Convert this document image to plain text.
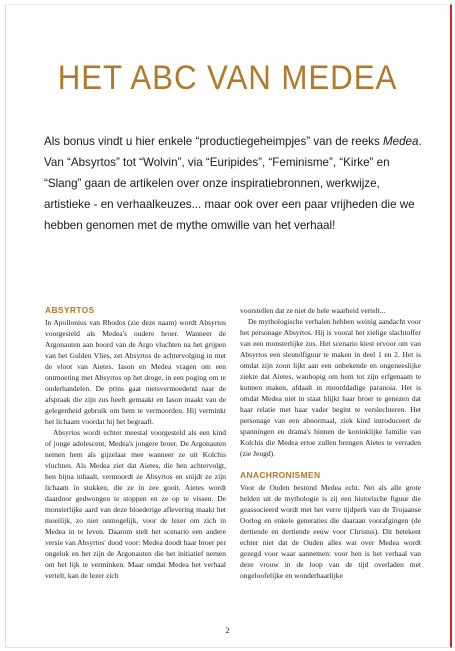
HET ABC VAN MEDEA

Als bonus vindt u hier enkele “productiegeheimpjes” van de reeks Medea.

Van “Absyrtos” tot “Wolvin”, via “Euripides”, “Feminisme”, “Kirke” en “Slang” gaan de artikelen over onze inspiratiebronnen, werkwijze, artistieke - en verhaalkeuzes... maar ook over een paar vrijheden die we hebben genomen met de mythe omwille van het verhaal!

ABSYRTOS

In Apollonius van Rhodos (zie deze naam) wordt Absyrtos voorgesteld als Medea's oudere broer. Wanneer de Argonauten aan boord van de Argo vluchten na het grijpen van het Gulden Vlies, zet Absyrtos de achtervolging in met de vloot van Aietes. Iason en Medea vragen om een ontmoeting met Absyrtos op het droge, in een poging om te onderhandelen. De prins gaat nietsvermoedend naar de afspraak die zijn zus heeft gemaakt en Iason maakt van de gelegenheid gebruik om hem te vermoorden. Hij verminkt het lichaam voordat hij het begraaft.

Absyrtos wordt echter meestal voorgesteld als een kind of jonge adolescent, Medea's jongere broer. De Argonauten nemen hem als gijzelaar mee wanneer ze uit Kolchis vluchten. Als Medea ziet dat Aietes, die hen achtervolgt, hen bijna inhaalt, vermoordt ze Absyrtos en snijdt ze zijn lichaam in stukken, die ze in zee gooit. Aietes wordt daardoor gedwongen te stoppen en ze op te vissen. De monsterlijke aard van deze bloederige aflevering maakt het moeilijk, zo niet onmogelijk, voor de lezer om zich in Medea in te leven. Daarom stelt het scenario een andere versie van Absyrtos' dood voor: Medea doodt haar broer per ongeluk en het zijn de Argonauten die het initiatief nemen om het lijk te verminken. Maar omdat Medea het verhaal vertelt, kan de lezer zich

voorstellen dat ze niet de hele waarheid vertelt...

De mythologische verhalen hebben weinig aandacht voor het personage Absyrtos. Hij is vooral het zielige slachtoffer van een monsterlijke zus. Het scenario kiest ervoor om van Absyrtos een sleutelfiguur te maken in deel 1 en 2. Het is omdat zijn zoon lijkt aan een onbekende en ongeneeslijke ziekte dat Aietes, wanhopig om hem tot zijn erfgenaam te kunnen maken, afdaalt in moorddadige paranoia. Het is omdat Medea niet in staat blijkt haar broer te genezen dat haar relatie met haar vader begint te verslechteren. Het personage van een abnormaal, ziek kind introduceert de spanningen en drama's binnen de koninklijke familie van Kolchis die Medea ertoe zullen brengen Aietes te verraden (zie Jeugd).

ANACHRONISMEN

Voor de Ouden bestond Medea echt. Net als alle grote helden uit de mythologie is zij een historische figuur die geassocieerd wordt met het verre tijdperk van de Trojaanse Oorlog en enkele generaties die daaraan voorafgingen (de dertiende en dertiende eeuw voor Christus). Dit betekent echter niet dat de Ouden alles wat over Medea wordt gezegd voor waar aannemen: voor hen is het verhaal van deze vrouw in de loop van de tijd overladen met ongeloofelijke en wonderbaarlijke

2
